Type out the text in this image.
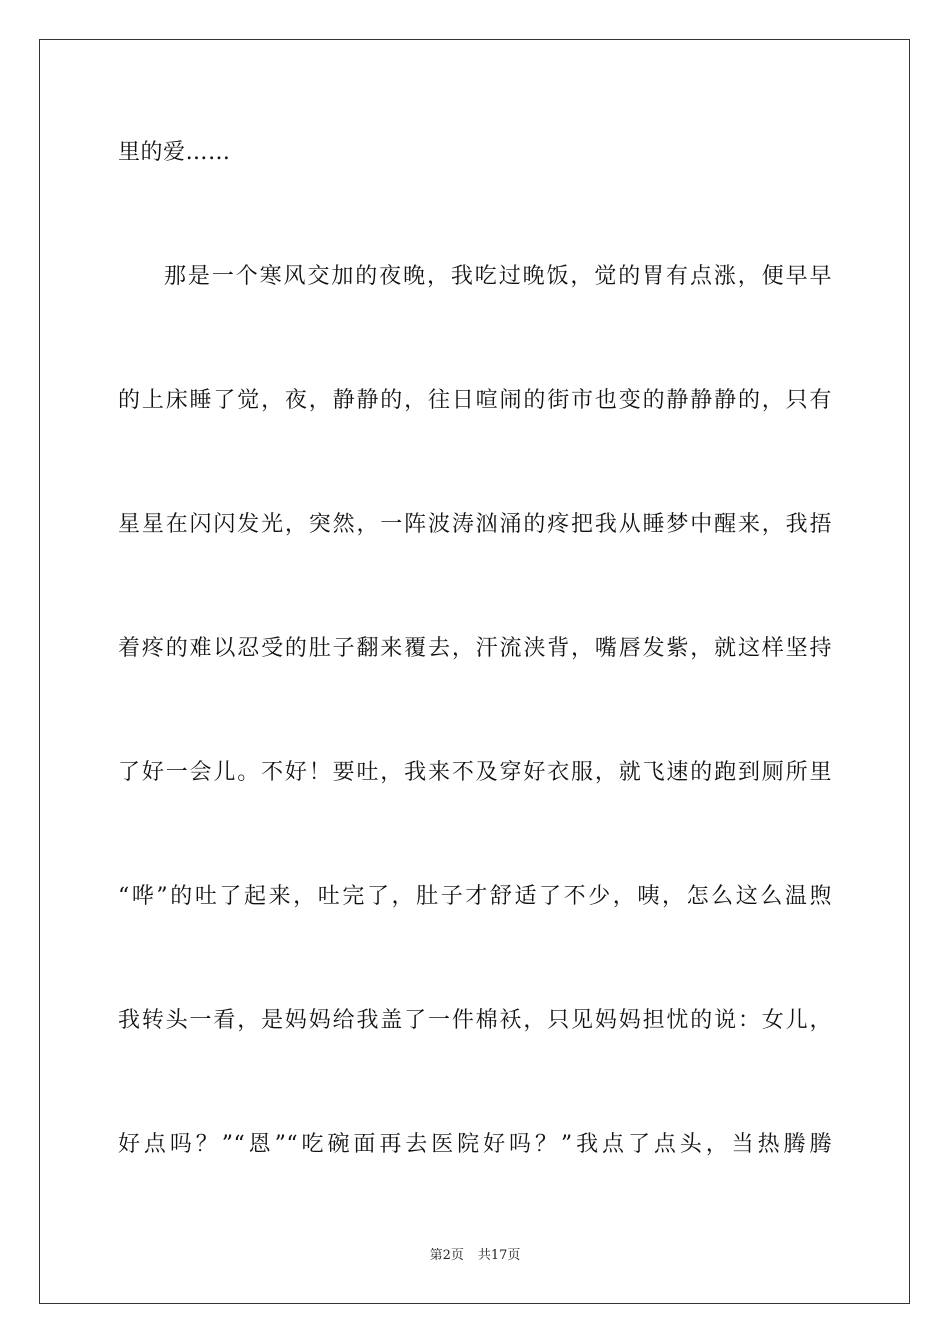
里的爱……
那是一个寒风交加的夜晚，我吃过晚饭，觉的胃有点涨，便早早
的上床睡了觉，夜，静静的，往日喧闹的街市也变的静静静的，只有
星星在闪闪发光，突然，一阵波涛汹涌的疼把我从睡梦中醒来，我捂
着疼的难以忍受的肚子翻来覆去，汗流浃背，嘴唇发紫，就这样坚持
了好一会儿。不好！要吐，我来不及穿好衣服，就飞速的跑到厕所里
“哗”的吐了起来，吐完了，肚子才舒适了不少，咦，怎么这么温煦
我转头一看，是妈妈给我盖了一件棉袄，只见妈妈担忧的说：女儿，
好点吗？”“恩”“吃碗面再去医院好吗？”我点了点头，当热腾腾
第2页 共17页
